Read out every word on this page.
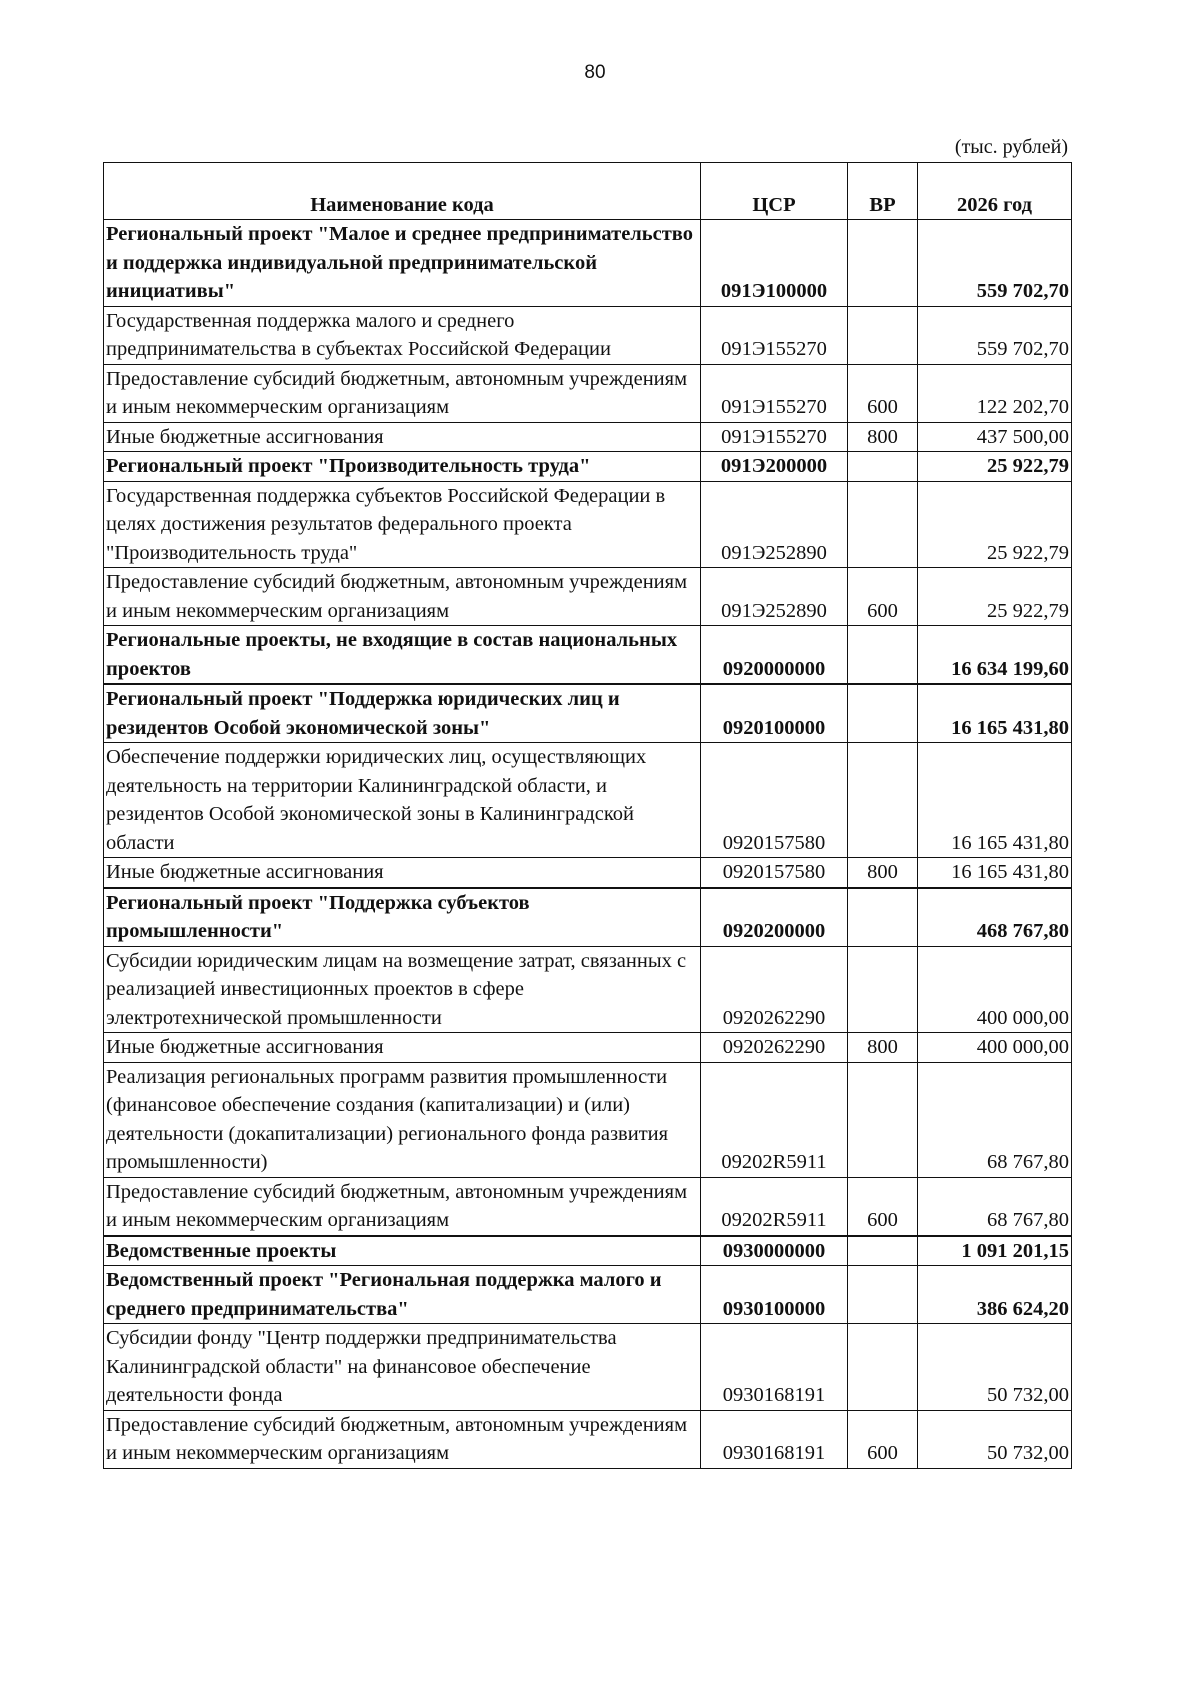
80
(тыс. рублей)
Наименование кода	ЦСР	ВР	2026 год
Региональный проект "Малое и среднее предпринимательство и поддержка индивидуальной предпринимательской инициативы"	091Э100000		559 702,70
Государственная поддержка малого и среднего предпринимательства в субъектах Российской Федерации	091Э155270		559 702,70
Предоставление субсидий бюджетным, автономным учреждениям и иным некоммерческим организациям	091Э155270	600	122 202,70
Иные бюджетные ассигнования	091Э155270	800	437 500,00
Региональный проект "Производительность труда"	091Э200000		25 922,79
Государственная поддержка субъектов Российской Федерации в целях достижения результатов федерального проекта "Производительность труда"	091Э252890		25 922,79
Предоставление субсидий бюджетным, автономным учреждениям и иным некоммерческим организациям	091Э252890	600	25 922,79
Региональные проекты, не входящие в состав национальных проектов	0920000000		16 634 199,60
Региональный проект "Поддержка юридических лиц и резидентов Особой экономической зоны"	0920100000		16 165 431,80
Обеспечение поддержки юридических лиц, осуществляющих деятельность на территории Калининградской области, и резидентов Особой экономической зоны в Калининградской области	0920157580		16 165 431,80
Иные бюджетные ассигнования	0920157580	800	16 165 431,80
Региональный проект "Поддержка субъектов промышленности"	0920200000		468 767,80
Субсидии юридическим лицам на возмещение затрат, связанных с реализацией инвестиционных проектов в сфере электротехнической промышленности	0920262290		400 000,00
Иные бюджетные ассигнования	0920262290	800	400 000,00
Реализация региональных программ развития промышленности (финансовое обеспечение создания (капитализации) и (или) деятельности (докапитализации) регионального фонда развития промышленности)	09202R5911		68 767,80
Предоставление субсидий бюджетным, автономным учреждениям и иным некоммерческим организациям	09202R5911	600	68 767,80
Ведомственные проекты	0930000000		1 091 201,15
Ведомственный проект "Региональная поддержка малого и среднего предпринимательства"	0930100000		386 624,20
Субсидии фонду "Центр поддержки предпринимательства Калининградской области" на финансовое обеспечение деятельности фонда	0930168191		50 732,00
Предоставление субсидий бюджетным, автономным учреждениям и иным некоммерческим организациям	0930168191	600	50 732,00
